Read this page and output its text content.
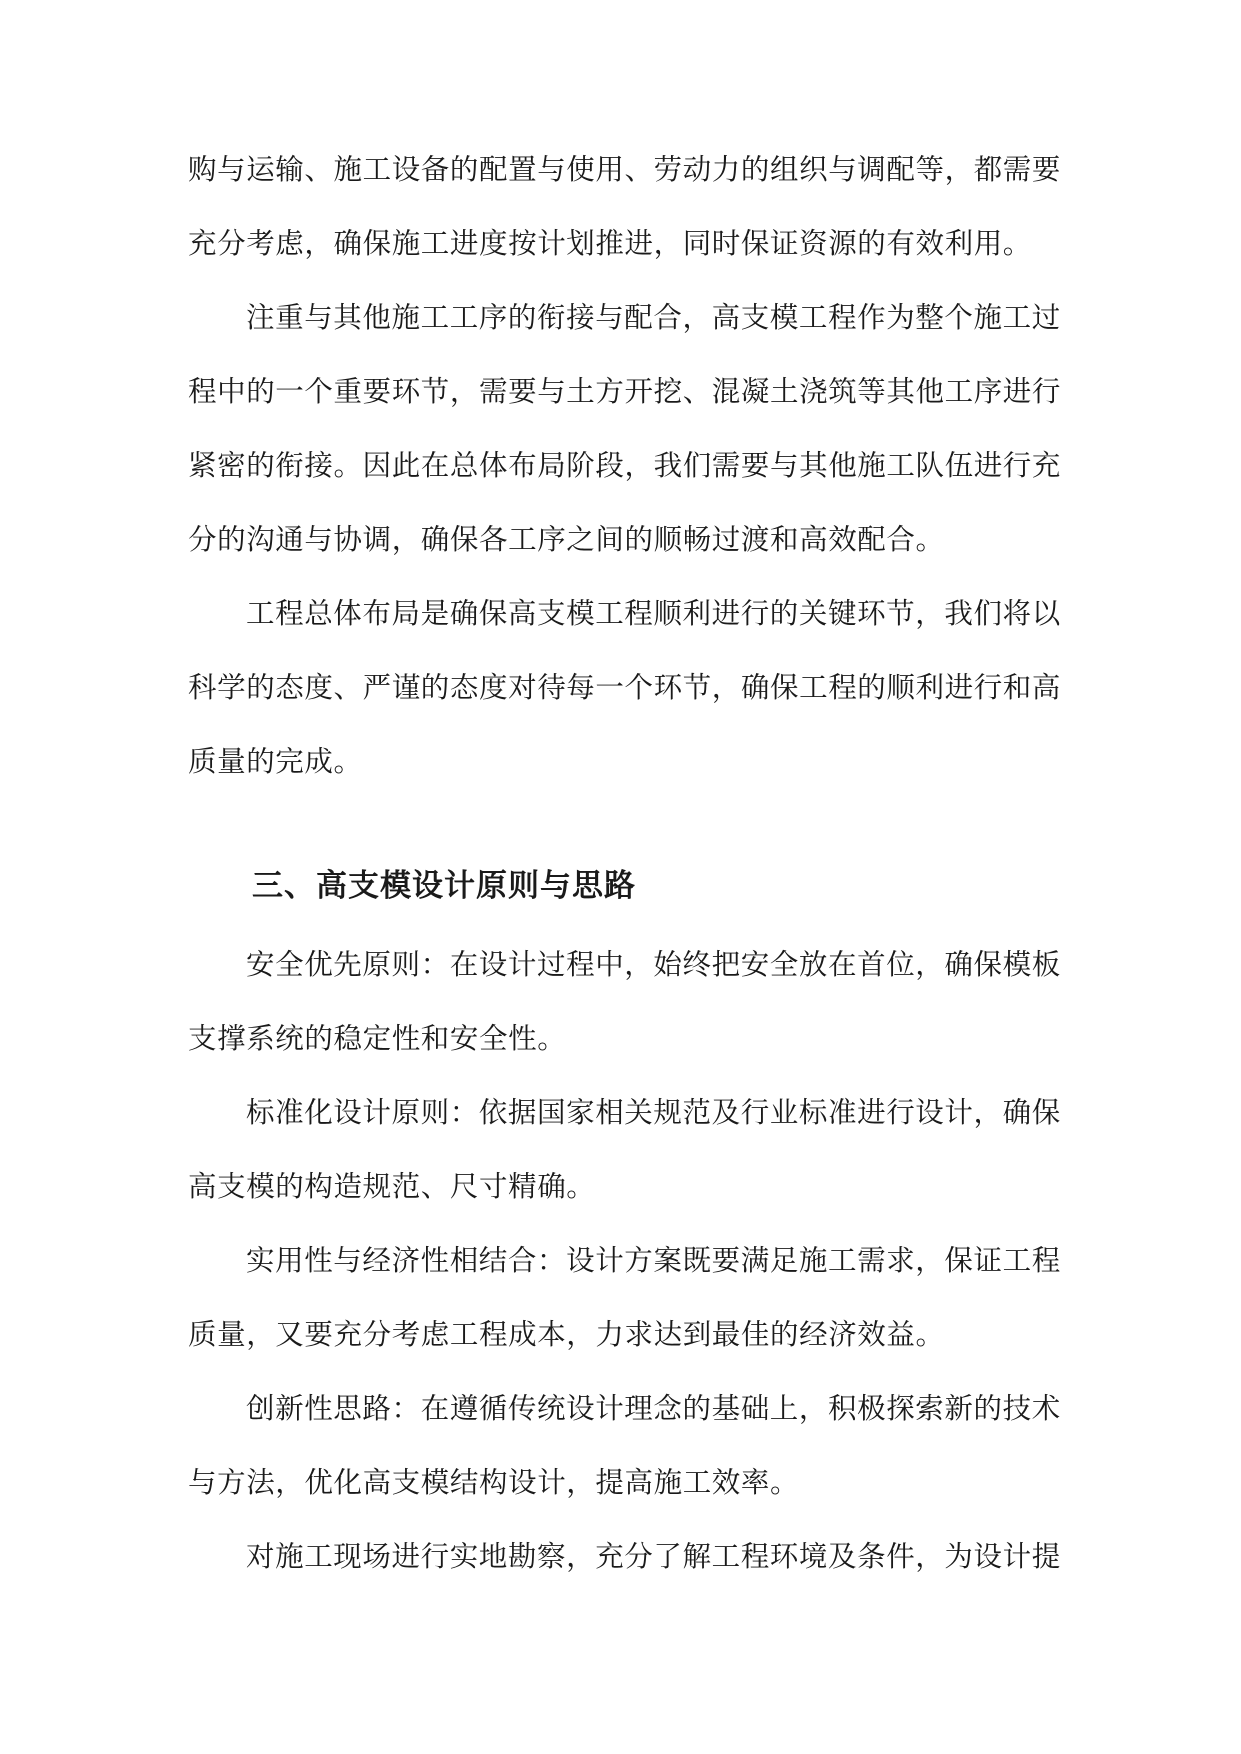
购与运输、施工设备的配置与使用、劳动力的组织与调配等，都需要
充分考虑，确保施工进度按计划推进，同时保证资源的有效利用。
注重与其他施工工序的衔接与配合，高支模工程作为整个施工过
程中的一个重要环节，需要与土方开挖、混凝土浇筑等其他工序进行
紧密的衔接。因此在总体布局阶段，我们需要与其他施工队伍进行充
分的沟通与协调，确保各工序之间的顺畅过渡和高效配合。
工程总体布局是确保高支模工程顺利进行的关键环节，我们将以
科学的态度、严谨的态度对待每一个环节，确保工程的顺利进行和高
质量的完成。
三、高支模设计原则与思路
安全优先原则：在设计过程中，始终把安全放在首位，确保模板
支撑系统的稳定性和安全性。
标准化设计原则：依据国家相关规范及行业标准进行设计，确保
高支模的构造规范、尺寸精确。
实用性与经济性相结合：设计方案既要满足施工需求，保证工程
质量，又要充分考虑工程成本，力求达到最佳的经济效益。
创新性思路：在遵循传统设计理念的基础上，积极探索新的技术
与方法，优化高支模结构设计，提高施工效率。
对施工现场进行实地勘察，充分了解工程环境及条件，为设计提
